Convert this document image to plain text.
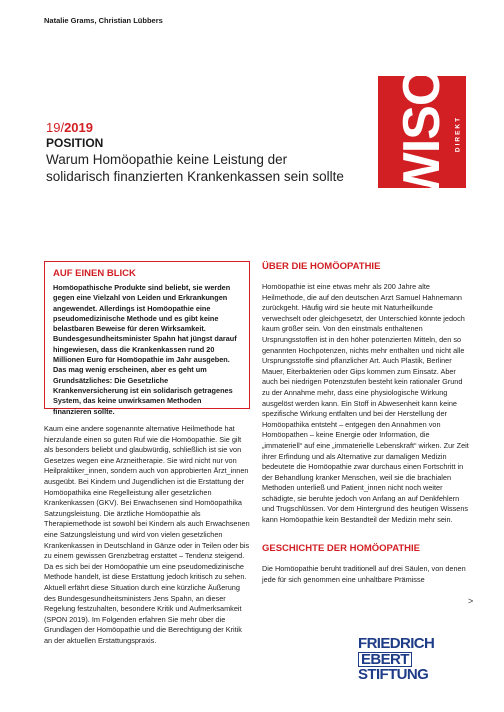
Natalie Grams, Christian Lübbers
WISO DIREKT
19/2019
POSITION
Warum Homöopathie keine Leistung der solidarisch finanzierten Krankenkassen sein sollte
AUF EINEN BLICK
Homöopathische Produkte sind beliebt, sie werden gegen eine Vielzahl von Leiden und Erkrankungen angewendet. Allerdings ist Homöopathie eine pseudomedizinische Methode und es gibt keine belastbaren Beweise für deren Wirksamkeit. Bundesgesundheitsminister Spahn hat jüngst darauf hingewiesen, dass die Krankenkassen rund 20 Millionen Euro für Homöopathie im Jahr ausgeben. Das mag wenig erscheinen, aber es geht um Grundsätzliches: Die Gesetzliche Krankenversicherung ist ein solidarisch getragenes System, das keine unwirksamen Methoden finanzieren sollte.
Kaum eine andere sogenannte alternative Heilmethode hat hierzulande einen so guten Ruf wie die Homöopathie. Sie gilt als besonders beliebt und glaubwürdig, schließlich ist sie von Gesetzes wegen eine Arzneitherapie. Sie wird nicht nur von Heilpraktiker_innen, sondern auch von approbierten Ärzt_innen ausgeübt. Bei Kindern und Jugendlichen ist die Erstattung der Homöopathika eine Regelleistung aller gesetzlichen Krankenkassen (GKV). Bei Erwachsenen sind Homöopathika Satzungsleistung. Die ärztliche Homöopathie als Therapiemethode ist sowohl bei Kindern als auch Erwachsenen eine Satzungsleistung und wird von vielen gesetzlichen Krankenkassen in Deutschland in Gänze oder in Teilen oder bis zu einem gewissen Grenzbetrag erstattet – Tendenz steigend. Da es sich bei der Homöopathie um eine pseudomedizinische Methode handelt, ist diese Erstattung jedoch kritisch zu sehen. Aktuell erfährt diese Situation durch eine kürzliche Äußerung des Bundesgesundheitsministers Jens Spahn, an dieser Regelung festzuhalten, besondere Kritik und Aufmerksamkeit (SPON 2019). Im Folgenden erfahren Sie mehr über die Grundlagen der Homöopathie und die Berechtigung der Kritik an der aktuellen Erstattungspraxis.
ÜBER DIE HOMÖOPATHIE
Homöopathie ist eine etwas mehr als 200 Jahre alte Heilmethode, die auf den deutschen Arzt Samuel Hahnemann zurückgeht. Häufig wird sie heute mit Naturheilkunde verwechselt oder gleichgesetzt, der Unterschied könnte jedoch kaum größer sein. Von den einstmals enthaltenen Ursprungsstoffen ist in den höher potenzierten Mitteln, den so genannten Hochpotenzen, nichts mehr enthalten und nicht alle Ursprungsstoffe sind pflanzlicher Art. Auch Plastik, Berliner Mauer, Eiterbakterien oder Gips kommen zum Einsatz. Aber auch bei niedrigen Potenzstufen besteht kein rationaler Grund zu der Annahme mehr, dass eine physiologische Wirkung ausgelöst werden kann. Ein Stoff in Abwesenheit kann keine spezifische Wirkung entfalten und bei der Herstellung der Homöopathika entsteht – entgegen den Annahmen von Homöopathen – keine Energie oder Information, die „immateriell“ auf eine „immaterielle Lebenskraft“ wirken. Zur Zeit ihrer Erfindung und als Alternative zur damaligen Medizin bedeutete die Homöopathie zwar durchaus einen Fortschritt in der Behandlung kranker Menschen, weil sie die brachialen Methoden unterließ und Patient_innen nicht noch weiter schädigte, sie beruhte jedoch von Anfang an auf Denkfehlern und Trugschlüssen. Vor dem Hintergrund des heutigen Wissens kann Homöopathie kein Bestandteil der Medizin mehr sein.
GESCHICHTE DER HOMÖOPATHIE
Die Homöopathie beruht traditionell auf drei Säulen, von denen jede für sich genommen eine unhaltbare Prämisse
>
FRIEDRICH
EBERT
STIFTUNG
